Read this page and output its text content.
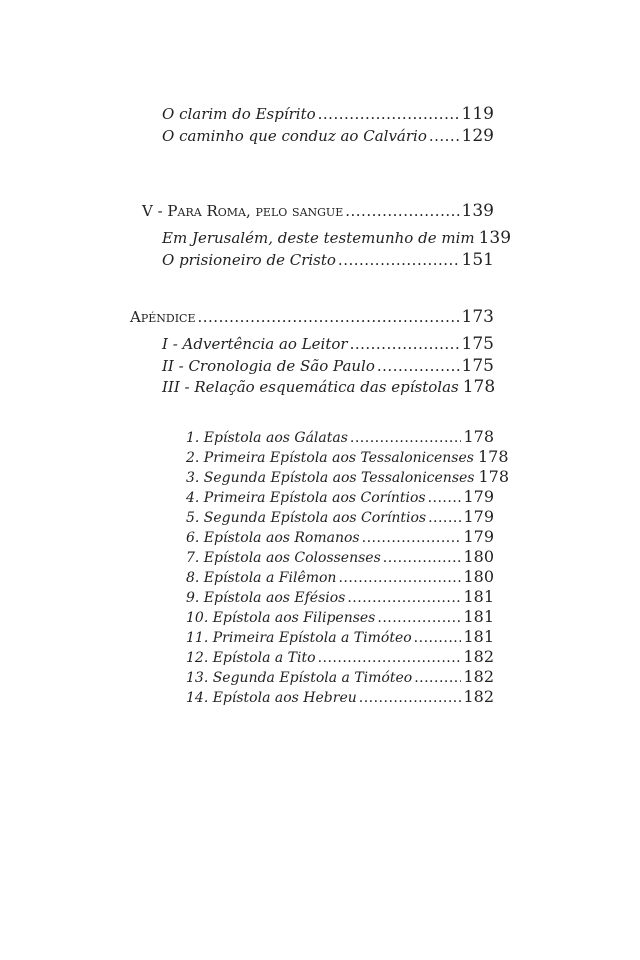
O clarim do Espírito .....	119
O caminho que conduz ao Calvário ..... 129
V - Para Roma, pelo sangue .....	139
Em Jerusalém, deste testemunho de mim 139
O prisioneiro de Cristo .....	151
Apéndice .....	173
I - Advertência ao Leitor .....	175
II - Cronologia de São Paulo .....	175
III - Relação esquemática das epístolas 178
1. Epístola aos Gálatas .....	178
2. Primeira Epístola aos Tessalonicenses 178
3. Segunda Epístola aos Tessalonicenses 178
4. Primeira Epístola aos Coríntios ..... 179
5. Segunda Epístola aos Coríntios ..... 179
6. Epístola aos Romanos .....	179
7. Epístola aos Colossenses .....	180
8. Epístola a Filêmon .....	180
9. Epístola aos Efésios .....	181
10. Epístola aos Filipenses .....	181
11. Primeira Epístola a Timóteo .....	181
12. Epístola a Tito .....	182
13. Segunda Epístola a Timóteo .....	182
14. Epístola aos Hebreu .....	182
